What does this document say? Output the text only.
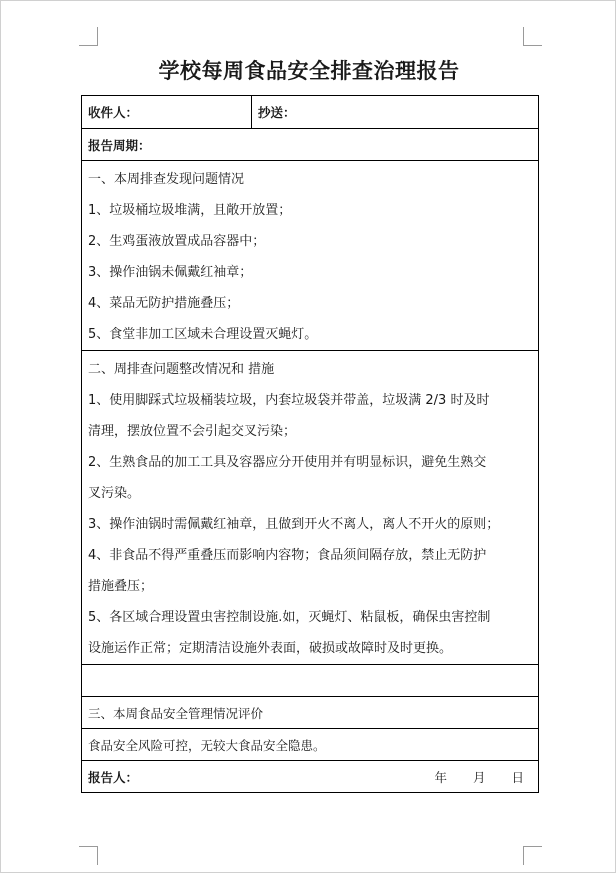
学校每周食品安全排查治理报告
收件人：	抄送：
报告周期：
一、本周排查发现问题情况
1、垃圾桶垃圾堆满，且敞开放置；
2、生鸡蛋液放置成品容器中；
3、操作油锅未佩戴红袖章；
4、菜品无防护措施叠压；
5、食堂非加工区域未合理设置灭蝇灯。
二、周排查问题整改情况和 措施
1、使用脚踩式垃圾桶装垃圾，内套垃圾袋并带盖，垃圾满 2/3 时及时
清理，摆放位置不会引起交叉污染；
2、生熟食品的加工工具及容器应分开使用并有明显标识，避免生熟交
叉污染。
3、操作油锅时需佩戴红袖章，且做到开火不离人，离人不开火的原则；
4、非食品不得严重叠压而影响内容物；食品须间隔存放，禁止无防护
措施叠压；
5、各区域合理设置虫害控制设施.如，灭蝇灯、粘鼠板，确保虫害控制
设施运作正常；定期清洁设施外表面，破损或故障时及时更换。
三、本周食品安全管理情况评价
食品安全风险可控，无较大食品安全隐患。
报告人：	年 月 日
